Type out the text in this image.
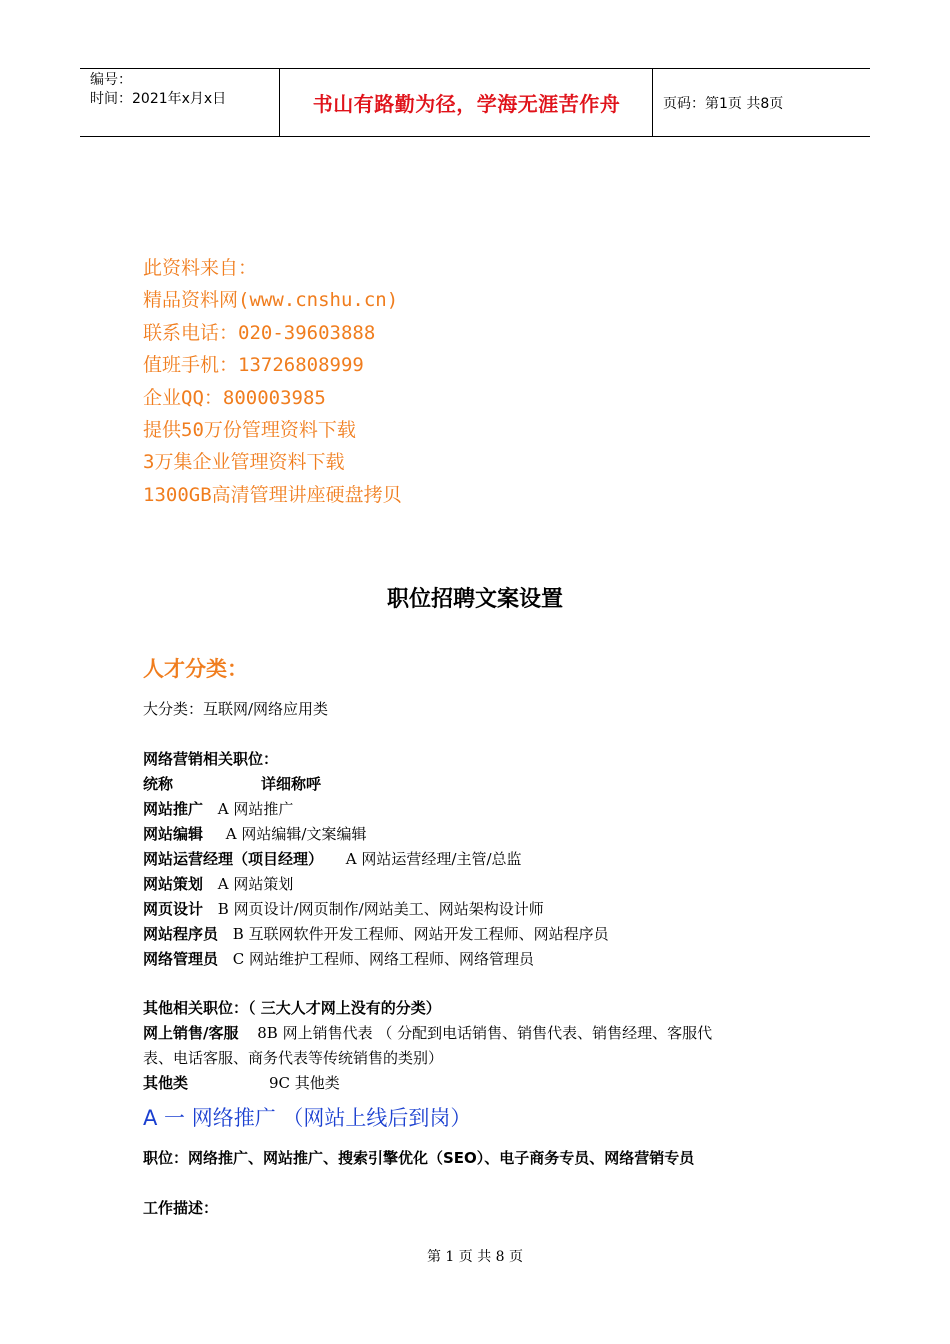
编号：
时间：2021年x月x日	书山有路勤为径，学海无涯苦作舟	页码：第1页 共8页
此资料来自：
精品资料网(www.cnshu.cn)
联系电话：020-39603888
值班手机：13726808999
企业QQ：800003985
提供50万份管理资料下载
3万集企业管理资料下载
1300GB高清管理讲座硬盘拷贝
职位招聘文案设置
人才分类：
大分类：互联网/网络应用类
网络营销相关职位：
统称	详细称呼
网站推广 A 网站推广
网站编辑 A 网站编辑/文案编辑
网站运营经理（项目经理） A 网站运营经理/主管/总监
网站策划 A 网站策划
网页设计 B 网页设计/网页制作/网站美工、网站架构设计师
网站程序员 B 互联网软件开发工程师、网站开发工程师、网站程序员
网络管理员 C 网站维护工程师、网络工程师、网络管理员
其他相关职位：（ 三大人才网上没有的分类）
网上销售/客服 8B 网上销售代表 （ 分配到电话销售、销售代表、销售经理、客服代
表、电话客服、商务代表等传统销售的类别）
其他类	9C 其他类
A 一 网络推广 （网站上线后到岗）
职位：网络推广、网站推广、搜索引擎优化（SEO）、电子商务专员、网络营销专员
工作描述：
第 1 页 共 8 页
